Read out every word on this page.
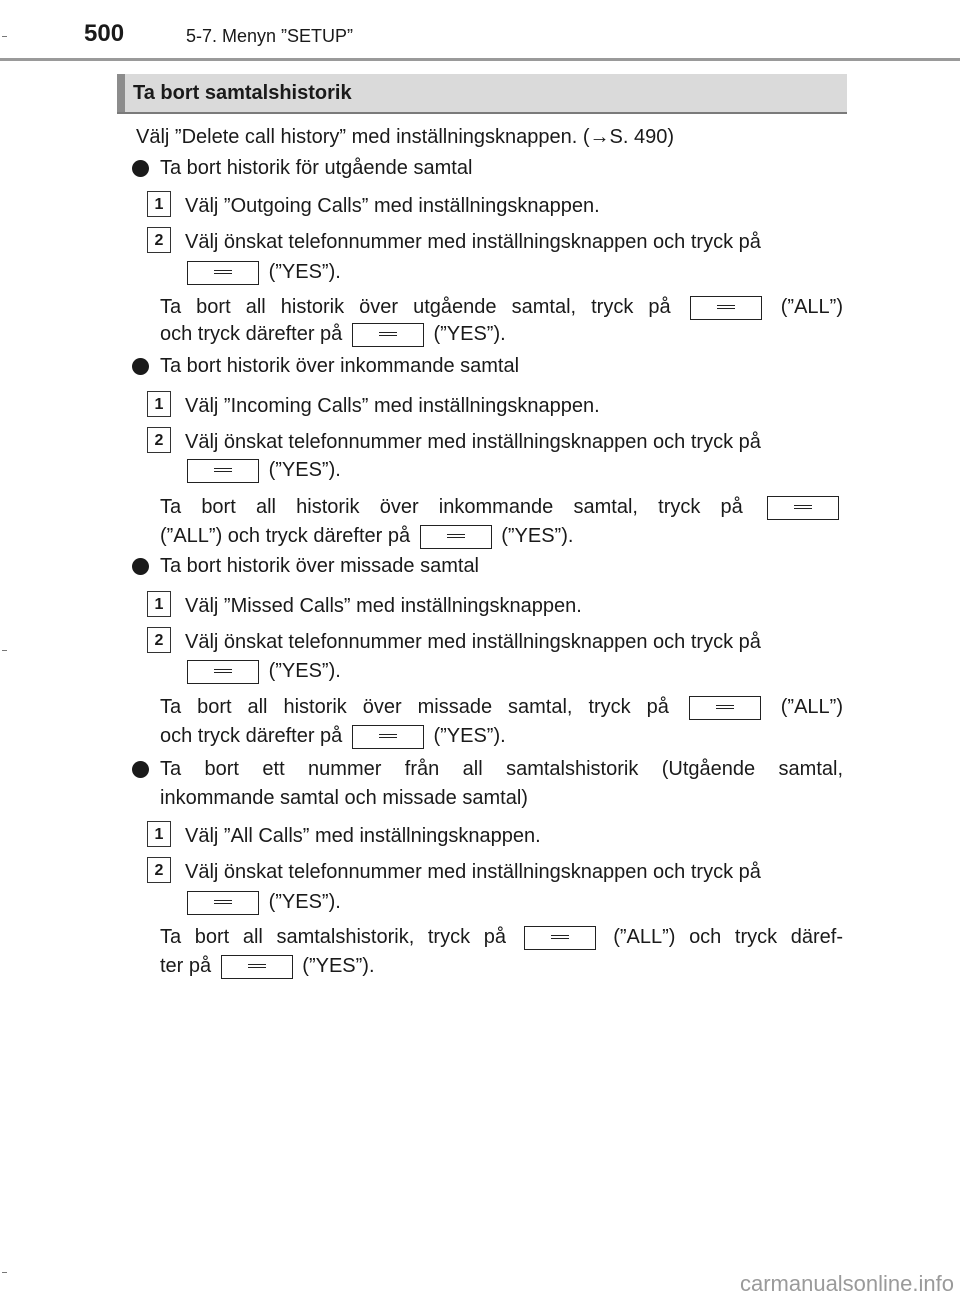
500	5-7. Menyn ”SETUP”
Ta bort samtalshistorik
Välj ”Delete call history” med inställningsknappen. (→S. 490)
Ta bort historik för utgående samtal
1	Välj ”Outgoing Calls” med inställningsknappen.
2	Välj önskat telefonnummer med inställningsknappen och tryck på
(”YES”).
Ta bort all historik över utgående samtal, tryck på	(”ALL”)
och tryck därefter på	(”YES”).
Ta bort historik över inkommande samtal
1	Välj ”Incoming Calls” med inställningsknappen.
2	Välj önskat telefonnummer med inställningsknappen och tryck på
(”YES”).
Ta bort all historik över inkommande samtal, tryck på
(”ALL”) och tryck därefter på	(”YES”).
Ta bort historik över missade samtal
1	Välj ”Missed Calls” med inställningsknappen.
2	Välj önskat telefonnummer med inställningsknappen och tryck på
(”YES”).
Ta bort all historik över missade samtal, tryck på	(”ALL”)
och tryck därefter på	(”YES”).
Ta bort ett nummer från all samtalshistorik (Utgående samtal,
inkommande samtal och missade samtal)
1	Välj ”All Calls” med inställningsknappen.
2	Välj önskat telefonnummer med inställningsknappen och tryck på
(”YES”).
Ta bort all samtalshistorik, tryck på	(”ALL”) och tryck däref-
ter på	(”YES”).
carmanualsonline.info
